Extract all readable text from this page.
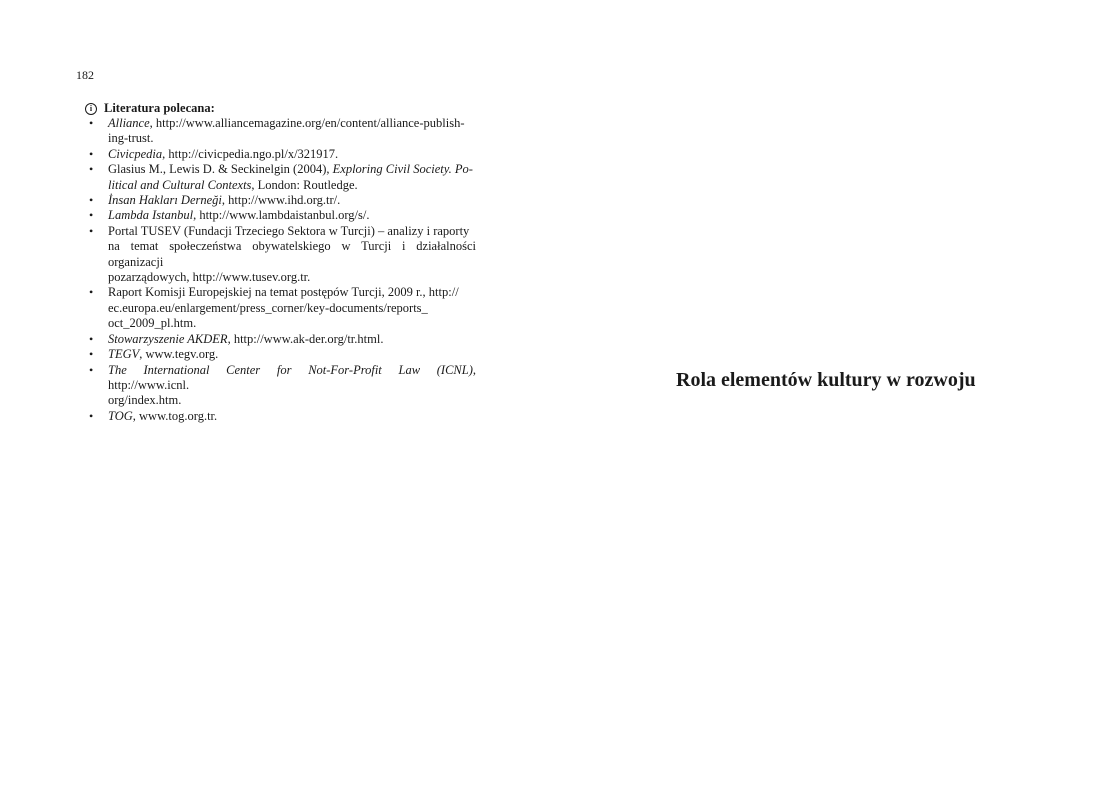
182
i Literatura polecana:
• Alliance, http://www.alliancemagazine.org/en/content/alliance-publish-
ing-trust.
• Civicpedia, http://civicpedia.ngo.pl/x/321917.
• Glasius M., Lewis D. & Seckinelgin (2004), Exploring Civil Society. Po-
litical and Cultural Contexts, London: Routledge.
• İnsan Hakları Derneği, http://www.ihd.org.tr/.
• Lambda Istanbul, http://www.lambdaistanbul.org/s/.
• Portal TUSEV (Fundacji Trzeciego Sektora w Turcji) – analizy i raporty
na temat społeczeństwa obywatelskiego w Turcji i działalności organizacji
pozarządowych, http://www.tusev.org.tr.
• Raport Komisji Europejskiej na temat postępów Turcji, 2009 r., http://
ec.europa.eu/enlargement/press_corner/key-documents/reports_
oct_2009_pl.htm.
• Stowarzyszenie AKDER, http://www.ak-der.org/tr.html.
• TEGV, www.tegv.org.
• The International Center for Not-For-Profit Law (ICNL), http://www.icnl.
org/index.htm.
• TOG, www.tog.org.tr.
Rola elementów kultury w rozwoju
